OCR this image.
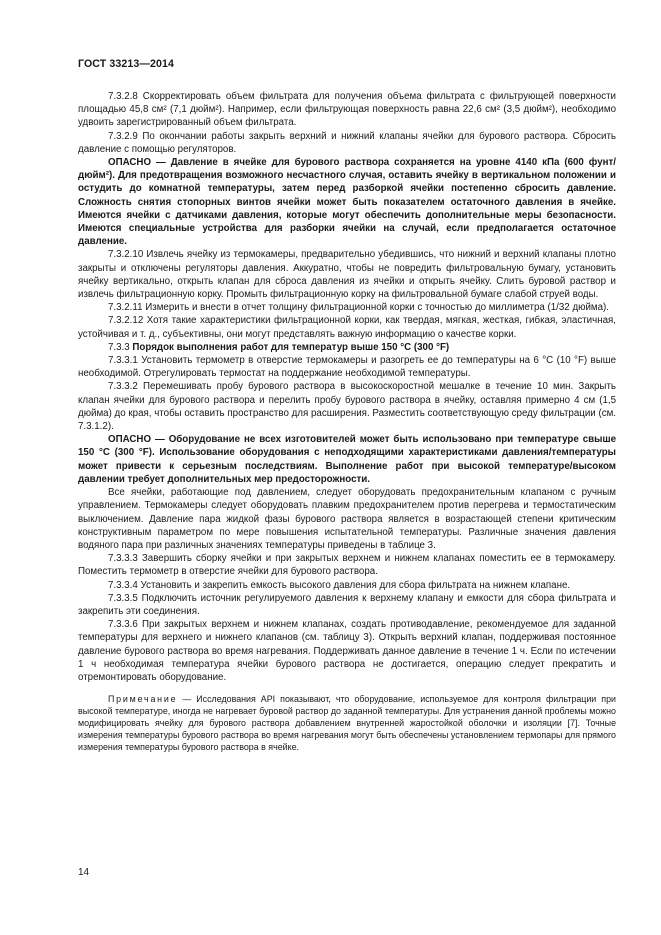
ГОСТ 33213—2014

7.3.2.8 Скорректировать объем фильтрата для получения объема фильтрата с фильтрующей поверхности площадью 45,8 см² (7,1 дюйм²). Например, если фильтрующая поверхность равна 22,6 см² (3,5 дюйм²), необходимо удвоить зарегистрированный объем фильтрата.

7.3.2.9 По окончании работы закрыть верхний и нижний клапаны ячейки для бурового раствора. Сбросить давление с помощью регуляторов.

ОПАСНО — Давление в ячейке для бурового раствора сохраняется на уровне 4140 кПа (600 фунт/дюйм²). Для предотвращения возможного несчастного случая, оставить ячейку в вертикальном положении и остудить до комнатной температуры, затем перед разборкой ячейки постепенно сбросить давление. Сложность снятия стопорных винтов ячейки может быть показателем остаточного давления в ячейке. Имеются ячейки с датчиками давления, которые могут обеспечить дополнительные меры безопасности. Имеются специальные устройства для разборки ячейки на случай, если предполагается остаточное давление.

7.3.2.10 Извлечь ячейку из термокамеры, предварительно убедившись, что нижний и верхний клапаны плотно закрыты и отключены регуляторы давления. Аккуратно, чтобы не повредить фильтровальную бумагу, установить ячейку вертикально, открыть клапан для сброса давления из ячейки и открыть ячейку. Слить буровой раствор и извлечь фильтрационную корку. Промыть фильтрационную корку на фильтровальной бумаге слабой струей воды.

7.3.2.11 Измерить и внести в отчет толщину фильтрационной корки с точностью до миллиметра (1/32 дюйма).

7.3.2.12 Хотя такие характеристики фильтрационной корки, как твердая, мягкая, жесткая, гибкая, эластичная, устойчивая и т. д., субъективны, они могут представлять важную информацию о качестве корки.

7.3.3 Порядок выполнения работ для температур выше 150 °C (300 °F)

7.3.3.1 Установить термометр в отверстие термокамеры и разогреть ее до температуры на 6 °C (10 °F) выше необходимой. Отрегулировать термостат на поддержание необходимой температуры.

7.3.3.2 Перемешивать пробу бурового раствора в высокоскоростной мешалке в течение 10 мин. Закрыть клапан ячейки для бурового раствора и перелить пробу бурового раствора в ячейку, оставляя примерно 4 см (1,5 дюйма) до края, чтобы оставить пространство для расширения. Разместить соответствующую среду фильтрации (см. 7.3.1.2).

ОПАСНО — Оборудование не всех изготовителей может быть использовано при температуре свыше 150 °C (300 °F). Использование оборудования с неподходящими характеристиками давления/температуры может привести к серьезным последствиям. Выполнение работ при высокой температуре/высоком давлении требует дополнительных мер предосторожности.

Все ячейки, работающие под давлением, следует оборудовать предохранительным клапаном с ручным управлением. Термокамеры следует оборудовать плавким предохранителем против перегрева и термостатическим выключением. Давление пара жидкой фазы бурового раствора является в возрастающей степени критическим конструктивным параметром по мере повышения испытательной температуры. Различные значения давления водяного пара при различных значениях температуры приведены в таблице 3.

7.3.3.3 Завершить сборку ячейки и при закрытых верхнем и нижнем клапанах поместить ее в термокамеру. Поместить термометр в отверстие ячейки для бурового раствора.

7.3.3.4 Установить и закрепить емкость высокого давления для сбора фильтрата на нижнем клапане.

7.3.3.5 Подключить источник регулируемого давления к верхнему клапану и емкости для сбора фильтрата и закрепить эти соединения.

7.3.3.6 При закрытых верхнем и нижнем клапанах, создать противодавление, рекомендуемое для заданной температуры для верхнего и нижнего клапанов (см. таблицу 3). Открыть верхний клапан, поддерживая постоянное давление бурового раствора во время нагревания. Поддерживать данное давление в течение 1 ч. Если по истечении 1 ч необходимая температура ячейки бурового раствора не достигается, операцию следует прекратить и отремонтировать оборудование.

Примечание — Исследования API показывают, что оборудование, используемое для контроля фильтрации при высокой температуре, иногда не нагревает буровой раствор до заданной температуры. Для устранения данной проблемы можно модифицировать ячейку для бурового раствора добавлением внутренней жаростойкой оболочки и изоляции [7]. Точные измерения температуры бурового раствора во время нагревания могут быть обеспечены установлением термопары для прямого измерения температуры бурового раствора в ячейке.

14
